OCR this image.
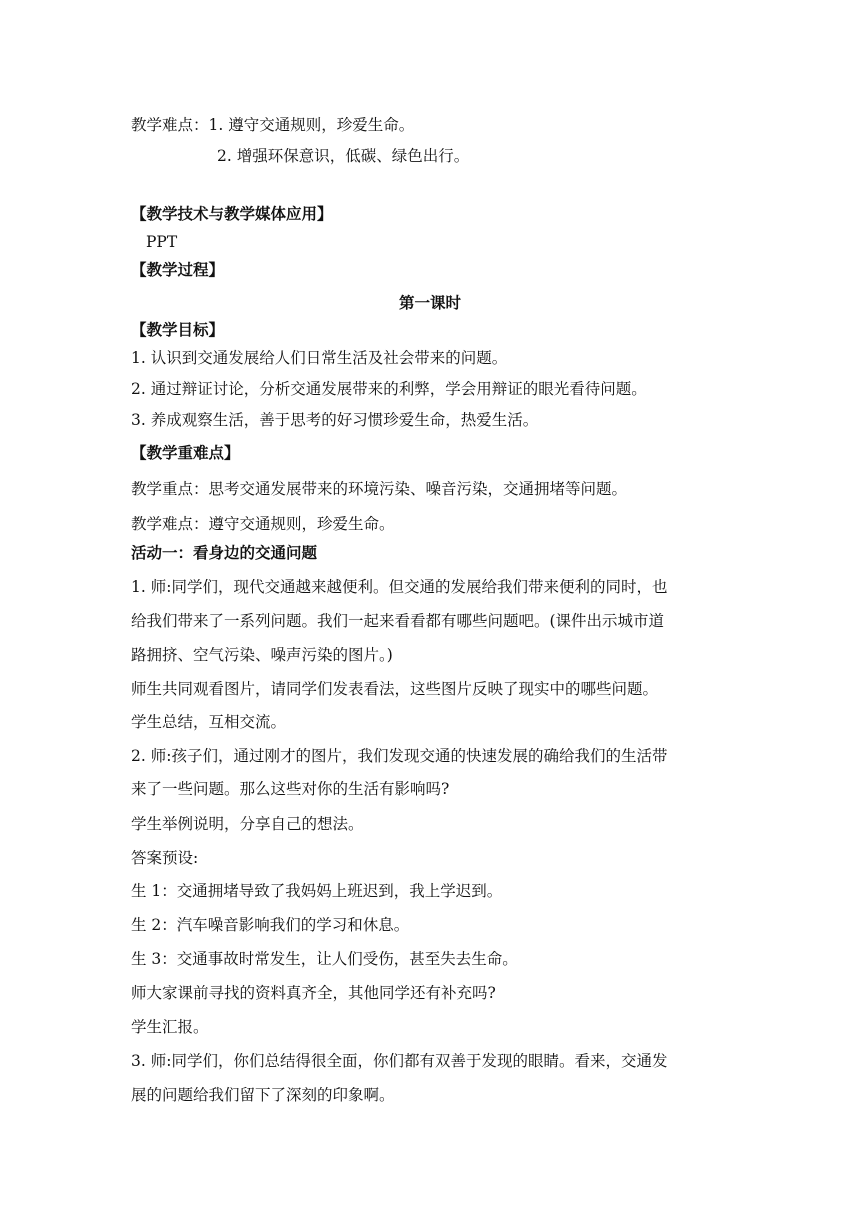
教学难点：1. 遵守交通规则，珍爱生命。
2. 增强环保意识，低碳、绿色出行。
【教学技术与教学媒体应用】
PPT
【教学过程】
第一课时
【教学目标】
1. 认识到交通发展给人们日常生活及社会带来的问题。
2. 通过辩证讨论，分析交通发展带来的利弊，学会用辩证的眼光看待问题。
3. 养成观察生活，善于思考的好习惯珍爱生命，热爱生活。
【教学重难点】
教学重点：思考交通发展带来的环境污染、噪音污染，交通拥堵等问题。
教学难点：遵守交通规则，珍爱生命。
活动一：看身边的交通问题
1. 师:同学们，现代交通越来越便利。但交通的发展给我们带来便利的同时，也
给我们带来了一系列问题。我们一起来看看都有哪些问题吧。(课件出示城市道
路拥挤、空气污染、噪声污染的图片。)
师生共同观看图片，请同学们发表看法，这些图片反映了现实中的哪些问题。
学生总结，互相交流。
2. 师:孩子们，通过刚才的图片，我们发现交通的快速发展的确给我们的生活带
来了一些问题。那么这些对你的生活有影响吗?
学生举例说明，分享自己的想法。
答案预设:
生 1：交通拥堵导致了我妈妈上班迟到，我上学迟到。
生 2：汽车噪音影响我们的学习和休息。
生 3：交通事故时常发生，让人们受伤，甚至失去生命。
师大家课前寻找的资料真齐全，其他同学还有补充吗?
学生汇报。
3. 师:同学们，你们总结得很全面，你们都有双善于发现的眼睛。看来，交通发
展的问题给我们留下了深刻的印象啊。
